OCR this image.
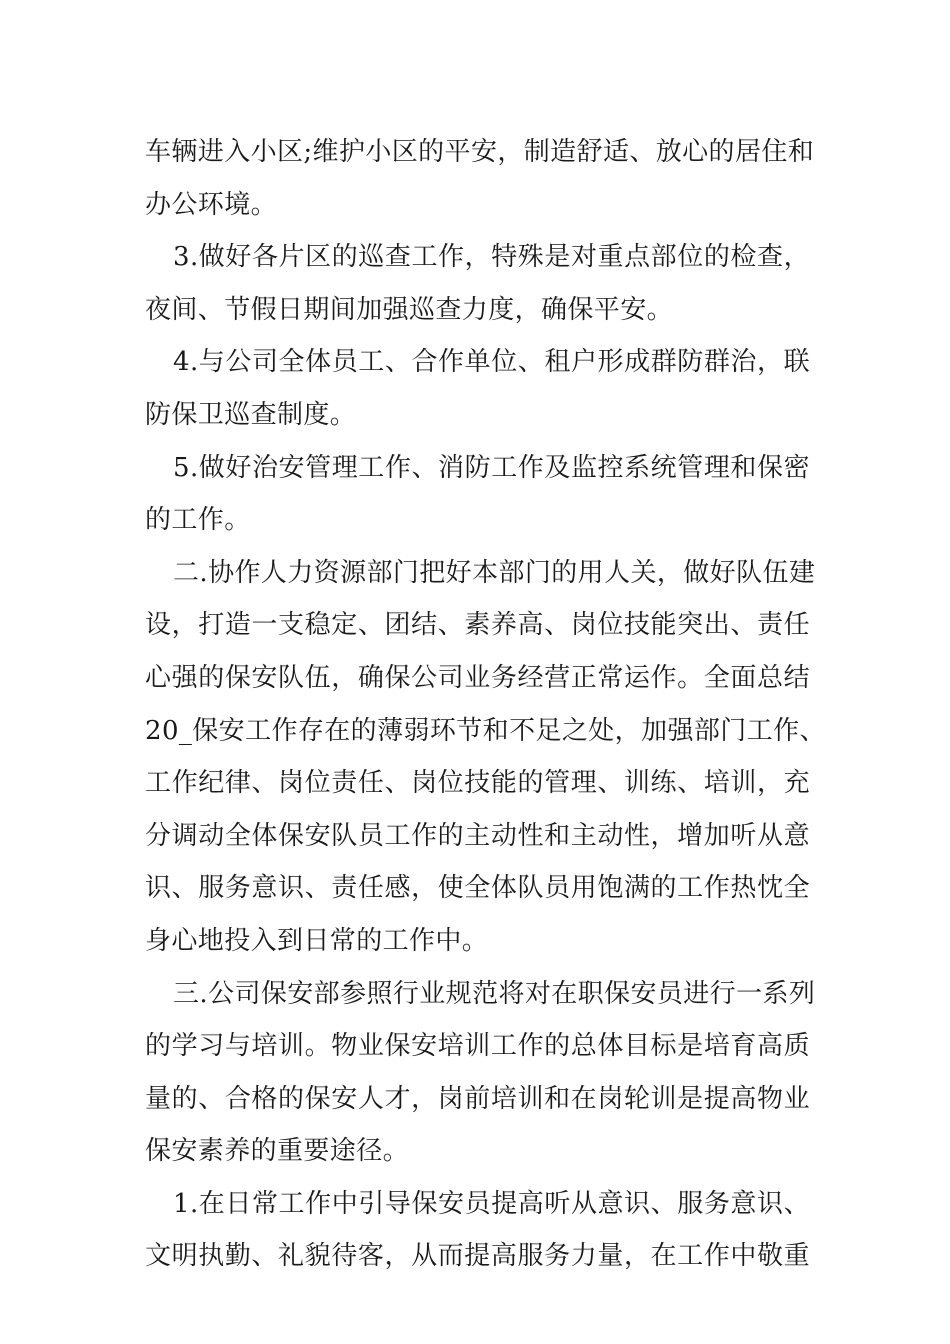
车辆进入小区;维护小区的平安，制造舒适、放心的居住和
办公环境。
3.做好各片区的巡查工作，特殊是对重点部位的检查，
夜间、节假日期间加强巡查力度，确保平安。
4.与公司全体员工、合作单位、租户形成群防群治，联
防保卫巡查制度。
5.做好治安管理工作、消防工作及监控系统管理和保密
的工作。
二.协作人力资源部门把好本部门的用人关，做好队伍建
设，打造一支稳定、团结、素养高、岗位技能突出、责任
心强的保安队伍，确保公司业务经营正常运作。全面总结
20_保安工作存在的薄弱环节和不足之处，加强部门工作、
工作纪律、岗位责任、岗位技能的管理、训练、培训，充
分调动全体保安队员工作的主动性和主动性，增加听从意
识、服务意识、责任感，使全体队员用饱满的工作热忱全
身心地投入到日常的工作中。
三.公司保安部参照行业规范将对在职保安员进行一系列
的学习与培训。物业保安培训工作的总体目标是培育高质
量的、合格的保安人才，岗前培训和在岗轮训是提高物业
保安素养的重要途径。
1.在日常工作中引导保安员提高听从意识、服务意识、
文明执勤、礼貌待客，从而提高服务力量，在工作中敬重
